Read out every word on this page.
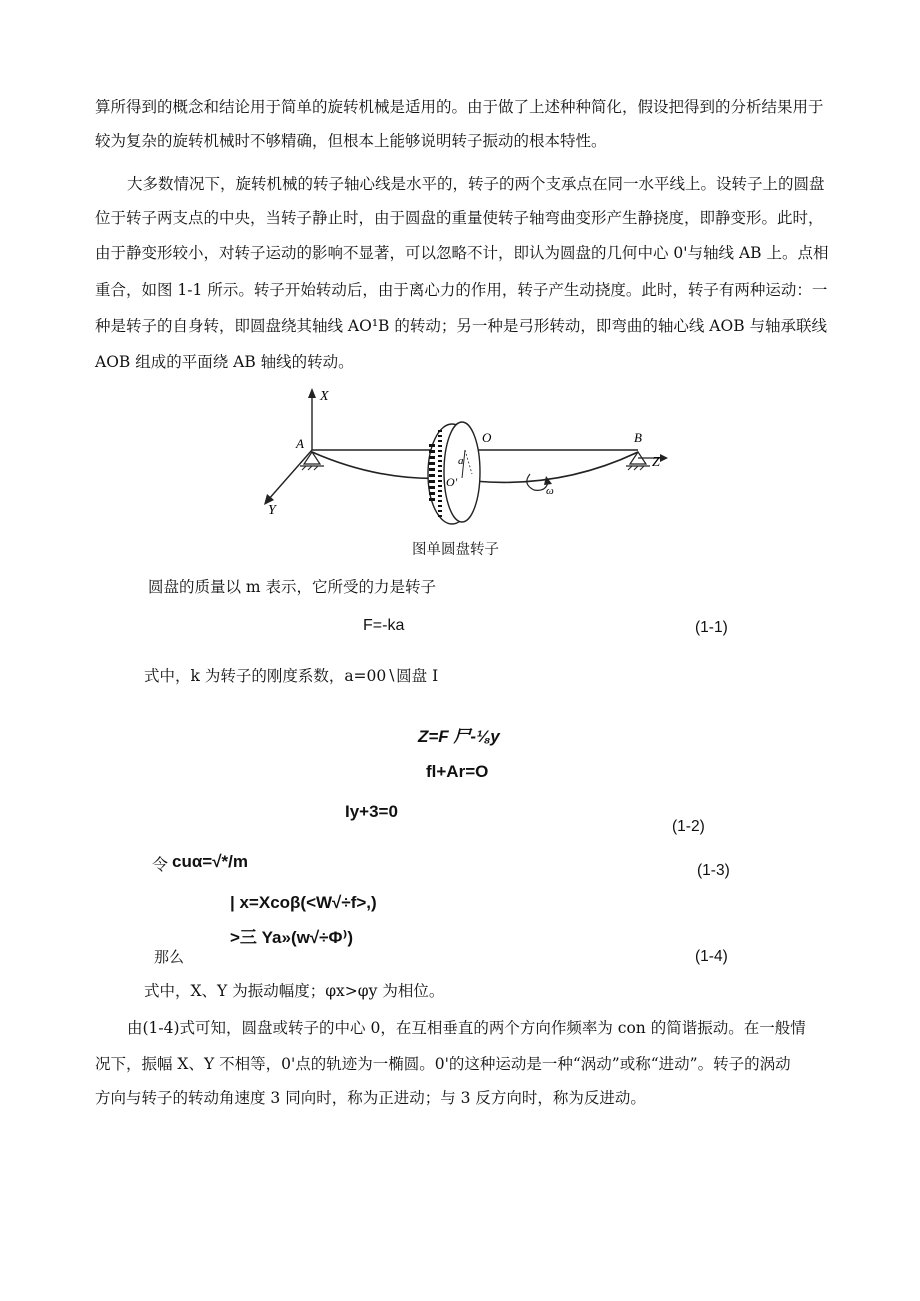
算所得到的概念和结论用于简单的旋转机械是适用的。由于做了上述种种简化，假设把得到的分析结果用于
较为复杂的旋转机械时不够精确，但根本上能够说明转子振动的根本特性。
大多数情况下，旋转机械的转子轴心线是水平的，转子的两个支承点在同一水平线上。设转子上的圆盘
位于转子两支点的中央，当转子静止时，由于圆盘的重量使转子轴弯曲变形产生静挠度，即静变形。此时，
由于静变形较小，对转子运动的影响不显著，可以忽略不计，即认为圆盘的几何中心 0'与轴线 AB 上。点相
重合，如图 1-1 所示。转子开始转动后，由于离心力的作用，转子产生动挠度。此时，转子有两种运动：一
种是转子的自身转，即圆盘绕其轴线 AO¹B 的转动；另一种是弓形转动，即弯曲的轴心线 AOB 与轴承联线
AOB 组成的平面绕 AB 轴线的转动。
X
Y
Z
A	B
O
a
O'
ω
图单圆盘转子
圆盘的质量以 m 表示，它所受的力是转子
F=-ka	(1-1)
式中，k 为转子的刚度系数，a=00∖圆盘 I
Z=F ⼫-⅛y
fl+Ar=O
Iy+3=0
(1-2)
令 cuα=√*/m	(1-3)
| x=Xcoβ(<W√÷f>,)
>三 Ya»(w√÷Φ⁾)
那么	(1-4)
式中，X、Y 为振动幅度；φx>φy 为相位。
由(1-4)式可知，圆盘或转子的中心 0，在互相垂直的两个方向作频率为 con 的简谐振动。在一般情
况下，振幅 X、Y 不相等，0'点的轨迹为一椭圆。0'的这种运动是一种“涡动”或称“进动”。转子的涡动
方向与转子的转动角速度 3 同向时，称为正进动；与 3 反方向时，称为反进动。
